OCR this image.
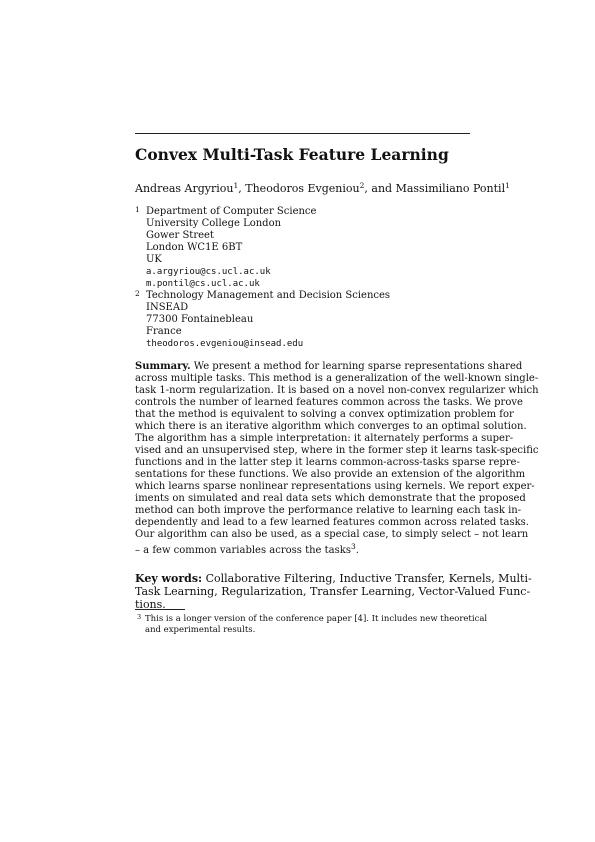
Convex Multi-Task Feature Learning
Andreas Argyriou$^1$, Theodoros Evgeniou$^2$, and Massimiliano Pontil$^1$
1 Department of Computer Science
University College London
Gower Street
London WC1E 6BT
UK
a.argyriou@cs.ucl.ac.uk
m.pontil@cs.ucl.ac.uk
2 Technology Management and Decision Sciences
INSEAD
77300 Fontainebleau
France
theodoros.evgeniou@insead.edu
Summary. We present a method for learning sparse representations shared
across multiple tasks. This method is a generalization of the well-known single-
task 1-norm regularization. It is based on a novel non-convex regularizer which
controls the number of learned features common across the tasks. We prove
that the method is equivalent to solving a convex optimization problem for
which there is an iterative algorithm which converges to an optimal solution.
The algorithm has a simple interpretation: it alternately performs a super-
vised and an unsupervised step, where in the former step it learns task-specific
functions and in the latter step it learns common-across-tasks sparse repre-
sentations for these functions. We also provide an extension of the algorithm
which learns sparse nonlinear representations using kernels. We report exper-
iments on simulated and real data sets which demonstrate that the proposed
method can both improve the performance relative to learning each task in-
dependently and lead to a few learned features common across related tasks.
Our algorithm can also be used, as a special case, to simply select – not learn
– a few common variables across the tasks$^3$.
Key words: Collaborative Filtering, Inductive Transfer, Kernels, Multi-
Task Learning, Regularization, Transfer Learning, Vector-Valued Func-
tions.
3 This is a longer version of the conference paper [4]. It includes new theoretical
and experimental results.
